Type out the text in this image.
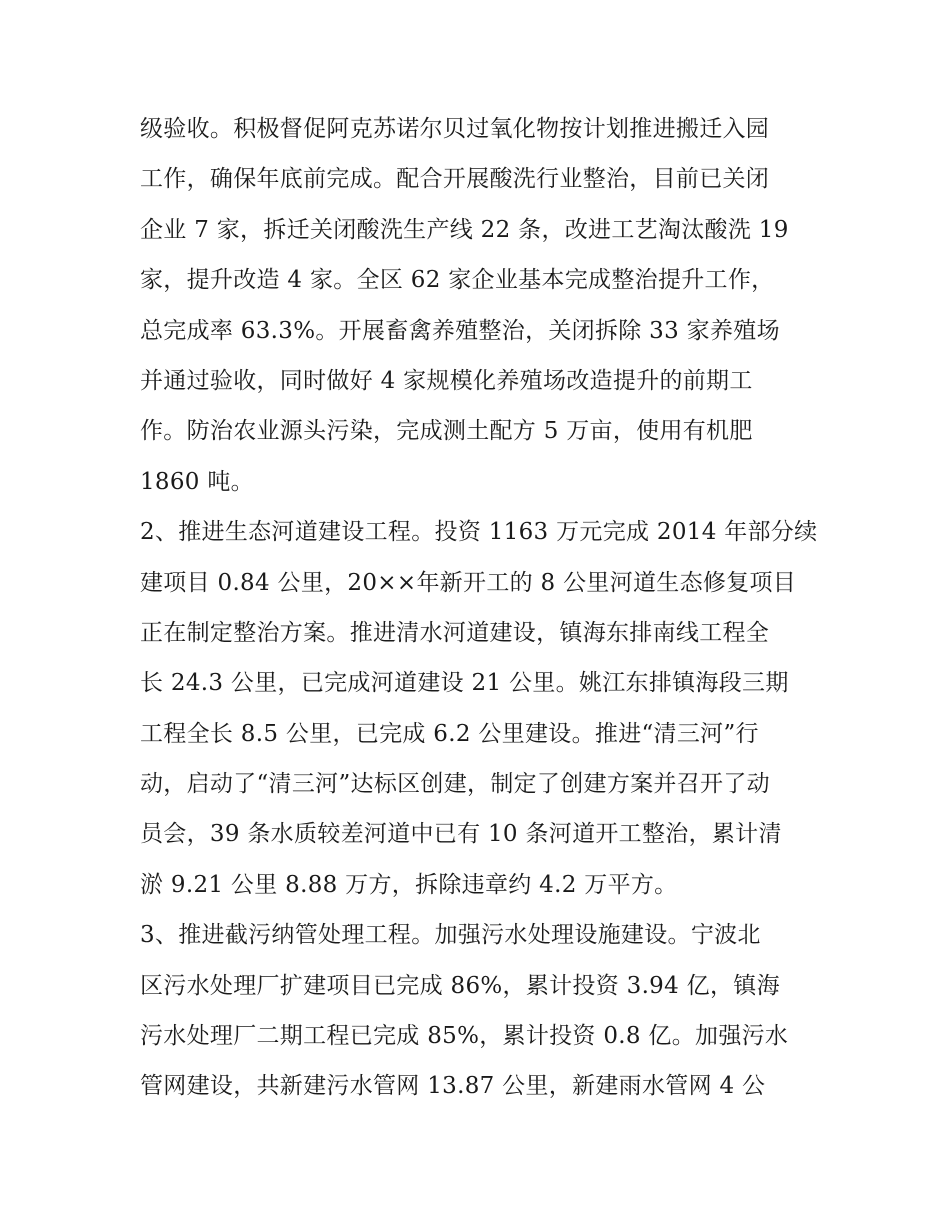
级验收。积极督促阿克苏诺尔贝过氧化物按计划推进搬迁入园
工作，确保年底前完成。配合开展酸洗行业整治，目前已关闭
企业 7 家，拆迁关闭酸洗生产线 22 条，改进工艺淘汰酸洗 19
家，提升改造 4 家。全区 62 家企业基本完成整治提升工作，
总完成率 63.3%。开展畜禽养殖整治，关闭拆除 33 家养殖场
并通过验收，同时做好 4 家规模化养殖场改造提升的前期工
作。防治农业源头污染，完成测土配方 5 万亩，使用有机肥
1860 吨。
2、推进生态河道建设工程。投资 1163 万元完成 2014 年部分续
建项目 0.84 公里，20××年新开工的 8 公里河道生态修复项目
正在制定整治方案。推进清水河道建设，镇海东排南线工程全
长 24.3 公里，已完成河道建设 21 公里。姚江东排镇海段三期
工程全长 8.5 公里，已完成 6.2 公里建设。推进“清三河”行
动，启动了“清三河”达标区创建，制定了创建方案并召开了动
员会，39 条水质较差河道中已有 10 条河道开工整治，累计清
淤 9.21 公里 8.88 万方，拆除违章约 4.2 万平方。
3、推进截污纳管处理工程。加强污水处理设施建设。宁波北
区污水处理厂扩建项目已完成 86%，累计投资 3.94 亿，镇海
污水处理厂二期工程已完成 85%，累计投资 0.8 亿。加强污水
管网建设，共新建污水管网 13.87 公里，新建雨水管网 4 公
